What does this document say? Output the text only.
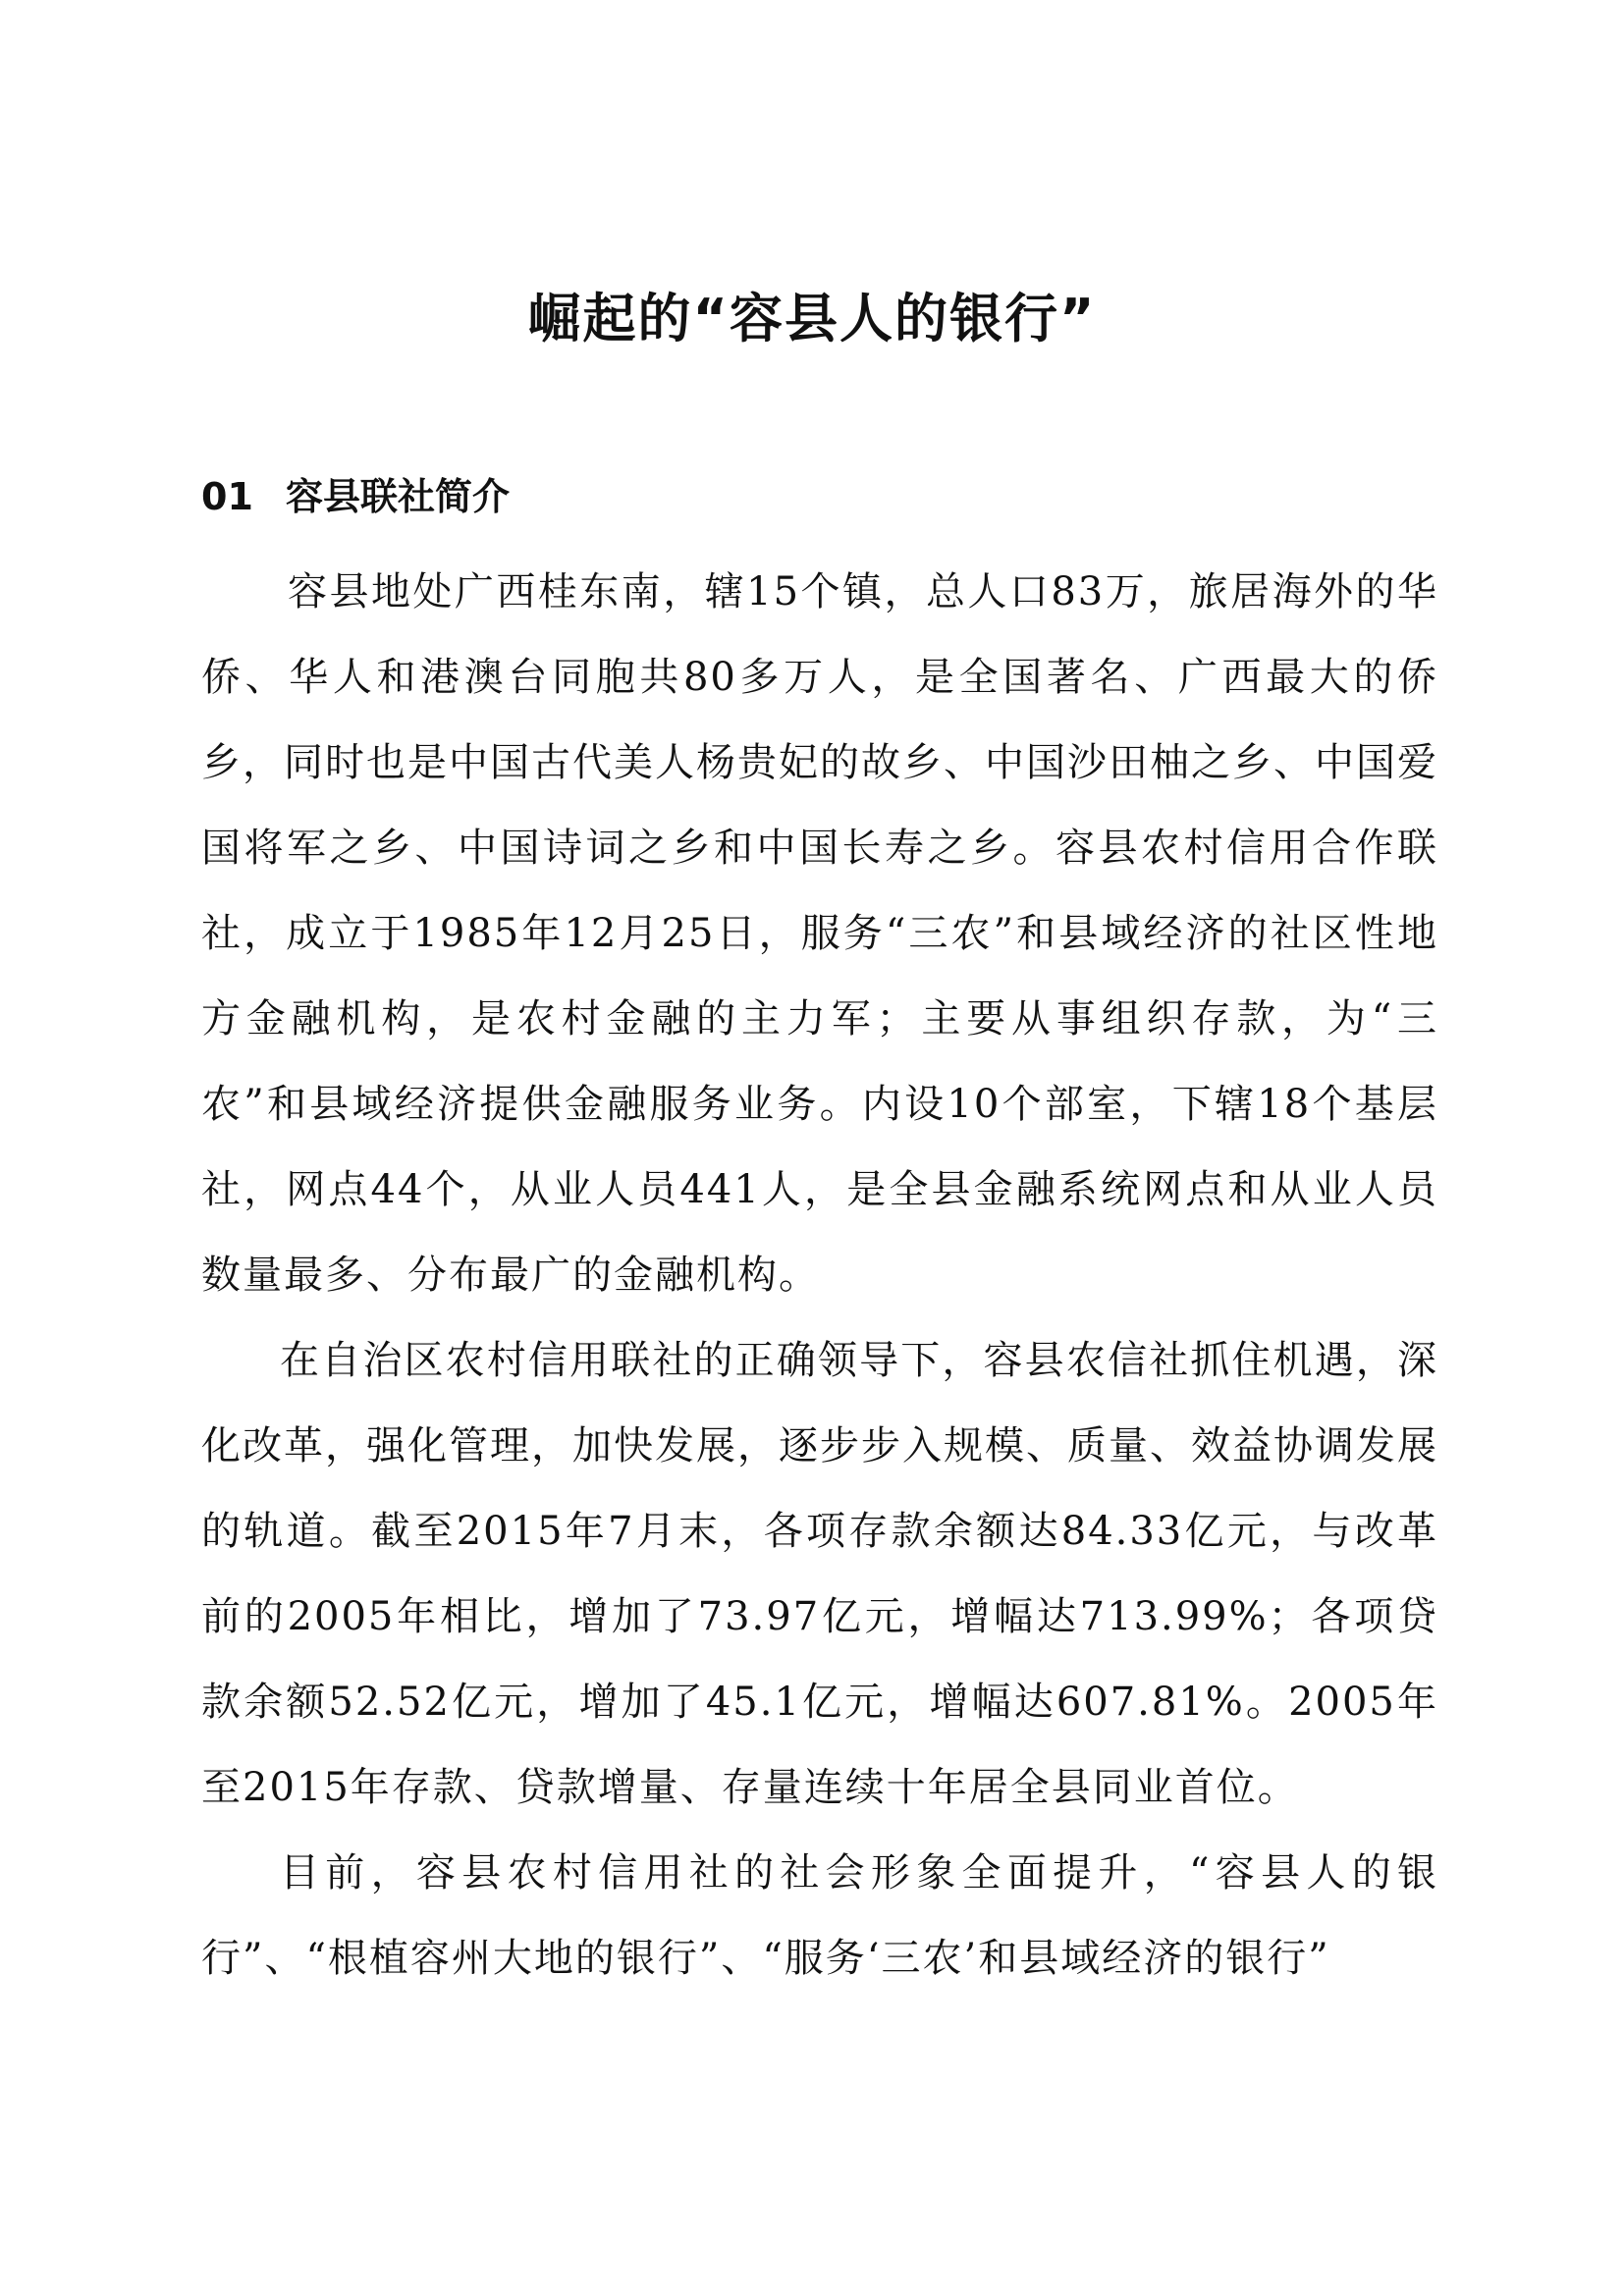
崛起的“容县人的银行”
01 容县联社简介

容县地处广西桂东南，辖15个镇，总人口83万，旅居海外的华侨、华人和港澳台同胞共80多万人，是全国著名、广西最大的侨乡，同时也是中国古代美人杨贵妃的故乡、中国沙田柚之乡、中国爱国将军之乡、中国诗词之乡和中国长寿之乡。容县农村信用合作联社，成立于1985年12月25日，服务“三农”和县域经济的社区性地方金融机构，是农村金融的主力军；主要从事组织存款，为“三农”和县域经济提供金融服务业务。内设10个部室，下辖18个基层社，网点44个，从业人员441人，是全县金融系统网点和从业人员数量最多、分布最广的金融机构。

在自治区农村信用联社的正确领导下，容县农信社抓住机遇，深化改革，强化管理，加快发展，逐步步入规模、质量、效益协调发展的轨道。截至2015年7月末，各项存款余额达84.33亿元，与改革前的2005年相比，增加了73.97亿元，增幅达713.99%；各项贷款余额52.52亿元，增加了45.1亿元，增幅达607.81%。2005年至2015年存款、贷款增量、存量连续十年居全县同业首位。

目前，容县农村信用社的社会形象全面提升，“容县人的银行”、“根植容州大地的银行”、“服务‘三农’和县域经济的银行”
